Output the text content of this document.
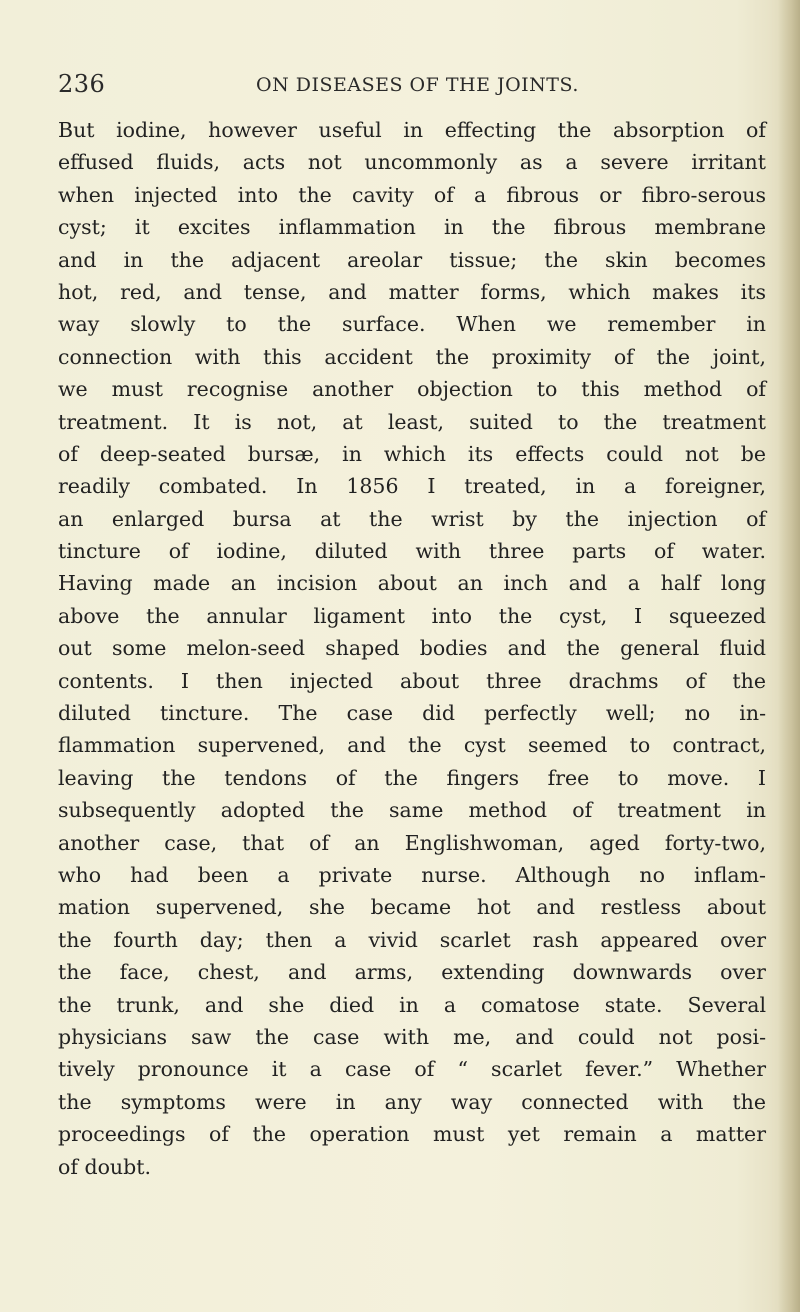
236	ON DISEASES OF THE JOINTS.
But iodine, however useful in effecting the absorption of
effused fluids, acts not uncommonly as a severe irritant
when injected into the cavity of a fibrous or fibro-serous
cyst; it excites inflammation in the fibrous membrane
and in the adjacent areolar tissue; the skin becomes
hot, red, and tense, and matter forms, which makes its
way slowly to the surface. When we remember in
connection with this accident the proximity of the joint,
we must recognise another objection to this method of
treatment. It is not, at least, suited to the treatment
of deep-seated bursæ, in which its effects could not be
readily combated. In 1856 I treated, in a foreigner,
an enlarged bursa at the wrist by the injection of
tincture of iodine, diluted with three parts of water.
Having made an incision about an inch and a half long
above the annular ligament into the cyst, I squeezed
out some melon-seed shaped bodies and the general fluid
contents. I then injected about three drachms of the
diluted tincture. The case did perfectly well; no in-
flammation supervened, and the cyst seemed to contract,
leaving the tendons of the fingers free to move. I
subsequently adopted the same method of treatment in
another case, that of an Englishwoman, aged forty-two,
who had been a private nurse. Although no inflam-
mation supervened, she became hot and restless about
the fourth day; then a vivid scarlet rash appeared over
the face, chest, and arms, extending downwards over
the trunk, and she died in a comatose state. Several
physicians saw the case with me, and could not posi-
tively pronounce it a case of “ scarlet fever.” Whether
the symptoms were in any way connected with the
proceedings of the operation must yet remain a matter
of doubt.
